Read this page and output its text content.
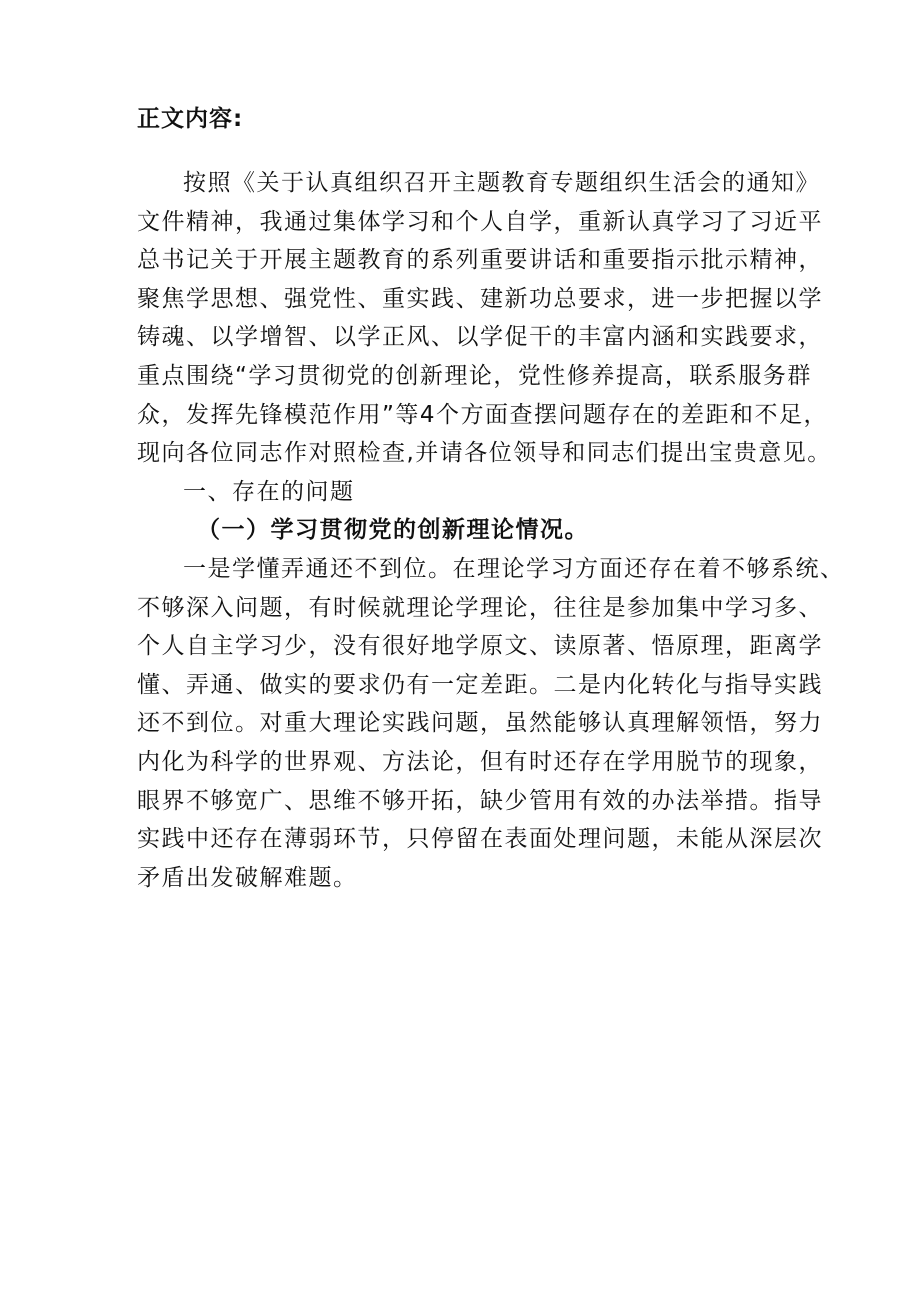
正文内容:
按照《关于认真组织召开主题教育专题组织生活会的通知》
文件精神，我通过集体学习和个人自学，重新认真学习了习近平
总书记关于开展主题教育的系列重要讲话和重要指示批示精神，
聚焦学思想、强党性、重实践、建新功总要求，进一步把握以学
铸魂、以学增智、以学正风、以学促干的丰富内涵和实践要求，
重点围绕“学习贯彻党的创新理论，党性修养提高，联系服务群
众，发挥先锋模范作用”等4个方面查摆问题存在的差距和不足，
现向各位同志作对照检查,并请各位领导和同志们提出宝贵意见。
一、存在的问题
（一）学习贯彻党的创新理论情况。
一是学懂弄通还不到位。在理论学习方面还存在着不够系统、
不够深入问题，有时候就理论学理论，往往是参加集中学习多、
个人自主学习少，没有很好地学原文、读原著、悟原理，距离学
懂、弄通、做实的要求仍有一定差距。二是内化转化与指导实践
还不到位。对重大理论实践问题，虽然能够认真理解领悟，努力
内化为科学的世界观、方法论，但有时还存在学用脱节的现象，
眼界不够宽广、思维不够开拓，缺少管用有效的办法举措。指导
实践中还存在薄弱环节，只停留在表面处理问题，未能从深层次
矛盾出发破解难题。
